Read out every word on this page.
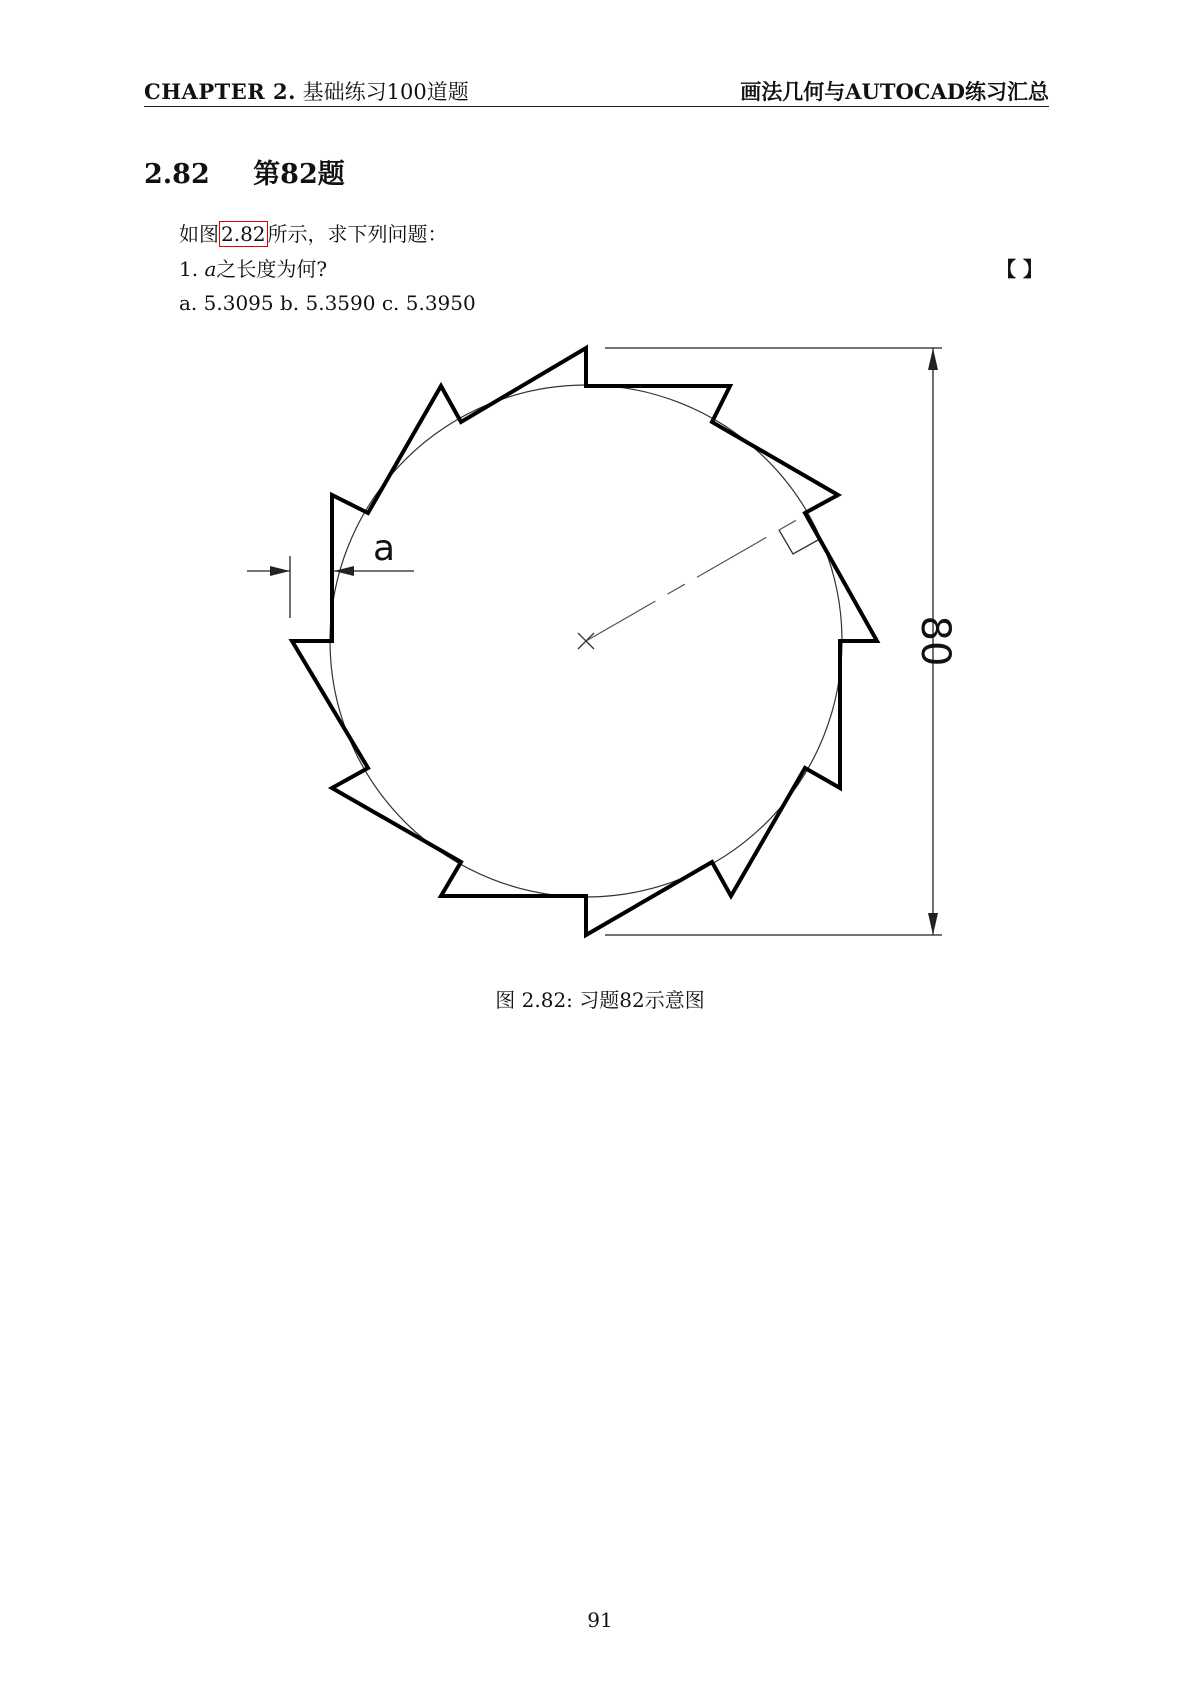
CHAPTER 2. 基础练习100道题	画法几何与AUTOCAD练习汇总
2.82 第82题
如图 2.82 所示，求下列问题：
1. a之长度为何?	【 】
a. 5.3095 b. 5.3590 c. 5.3950
a
80
图 2.82: 习题82示意图
91
